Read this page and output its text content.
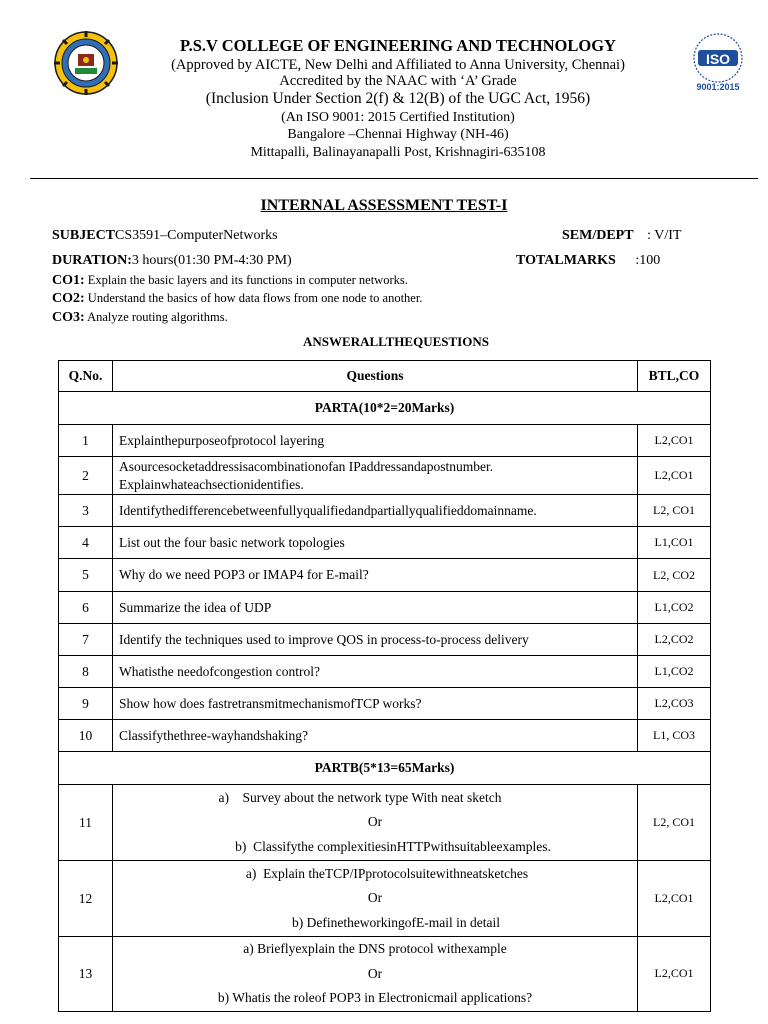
ISO
9001:2015
P.S.V COLLEGE OF ENGINEERING AND TECHNOLOGY
(Approved by AICTE, New Delhi and Affiliated to Anna University, Chennai)
Accredited by the NAAC with ‘A’ Grade
(Inclusion Under Section 2(f) & 12(B) of the UGC Act, 1956)
(An ISO 9001: 2015 Certified Institution)
Bangalore –Chennai Highway (NH-46)
Mittapalli, Balinayanapalli Post, Krishnagiri-635108
INTERNAL ASSESSMENT TEST-I
SUBJECTCS3591–ComputerNetworks	SEM/DEPT : V/IT
DURATION:3 hours(01:30 PM-4:30 PM)	TOTALMARKS :100
CO1: Explain the basic layers and its functions in computer networks.
CO2: Understand the basics of how data flows from one node to another.
CO3: Analyze routing algorithms.
ANSWERALLTHEQUESTIONS
Q.No.	Questions	BTL,CO
PARTA(10*2=20Marks)		
1	Explainthepurposeofprotocol layering	L2,CO1
2	Asourcesocketaddressisacombinationofan IPaddressandapostnumber.
Explainwhateachsectionidentifies.	L2,CO1
3	Identifythedifferencebetweenfullyqualifiedandpartiallyqualifieddomainname.	L2, CO1
4	List out the four basic network topologies	L1,CO1
5	Why do we need POP3 or IMAP4 for E-mail?	L2, CO2
6	Summarize the idea of UDP	L1,CO2
7	Identify the techniques used to improve QOS in process-to-process delivery	L2,CO2
8	Whatisthe needofcongestion control?	L1,CO2
9	Show how does fastretransmitmechanismofTCP works?	L2,CO3
10	Classifythethree-wayhandshaking?	L1, CO3
PARTB(5*13=65Marks)		
11	a)    Survey about the network type With neat sketch
Or
b)  Classifythe complexitiesinHTTPwithsuitableexamples.	L2, CO1
12	a)  Explain theTCP/IPprotocolsuitewithneatsketches
Or
b) DefinetheworkingofE-mail in detail	L2,CO1
13	a) Brieflyexplain the DNS protocol withexample
Or
b) Whatis the roleof POP3 in Electronicmail applications?	L2,CO1
